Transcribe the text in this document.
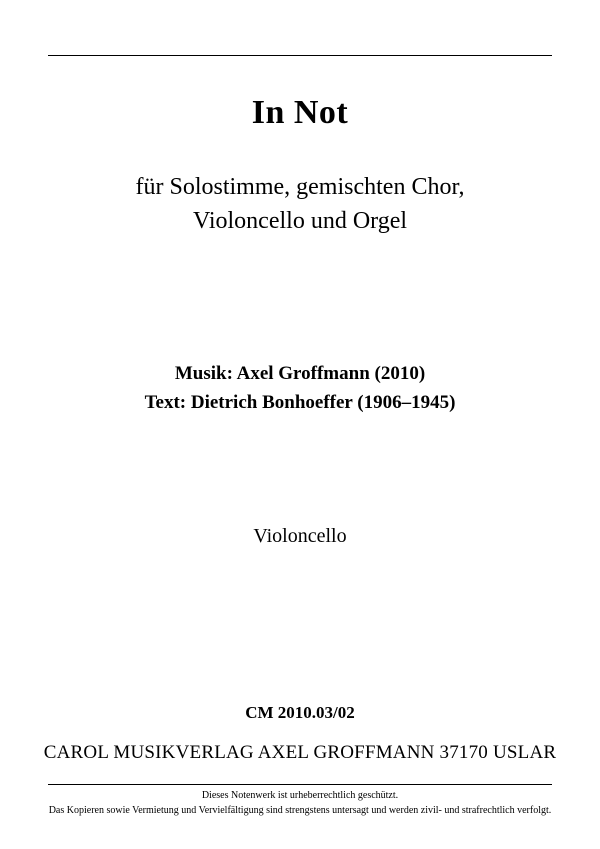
In Not
für Solostimme, gemischten Chor,
Violoncello und Orgel
Musik: Axel Groffmann (2010)
Text: Dietrich Bonhoeffer (1906–1945)
Violoncello
CM 2010.03/02
CAROL MUSIKVERLAG AXEL GROFFMANN 37170 USLAR
Dieses Notenwerk ist urheberrechtlich geschützt.
Das Kopieren sowie Vermietung und Vervielfältigung sind strengstens untersagt und werden zivil- und strafrechtlich verfolgt.
